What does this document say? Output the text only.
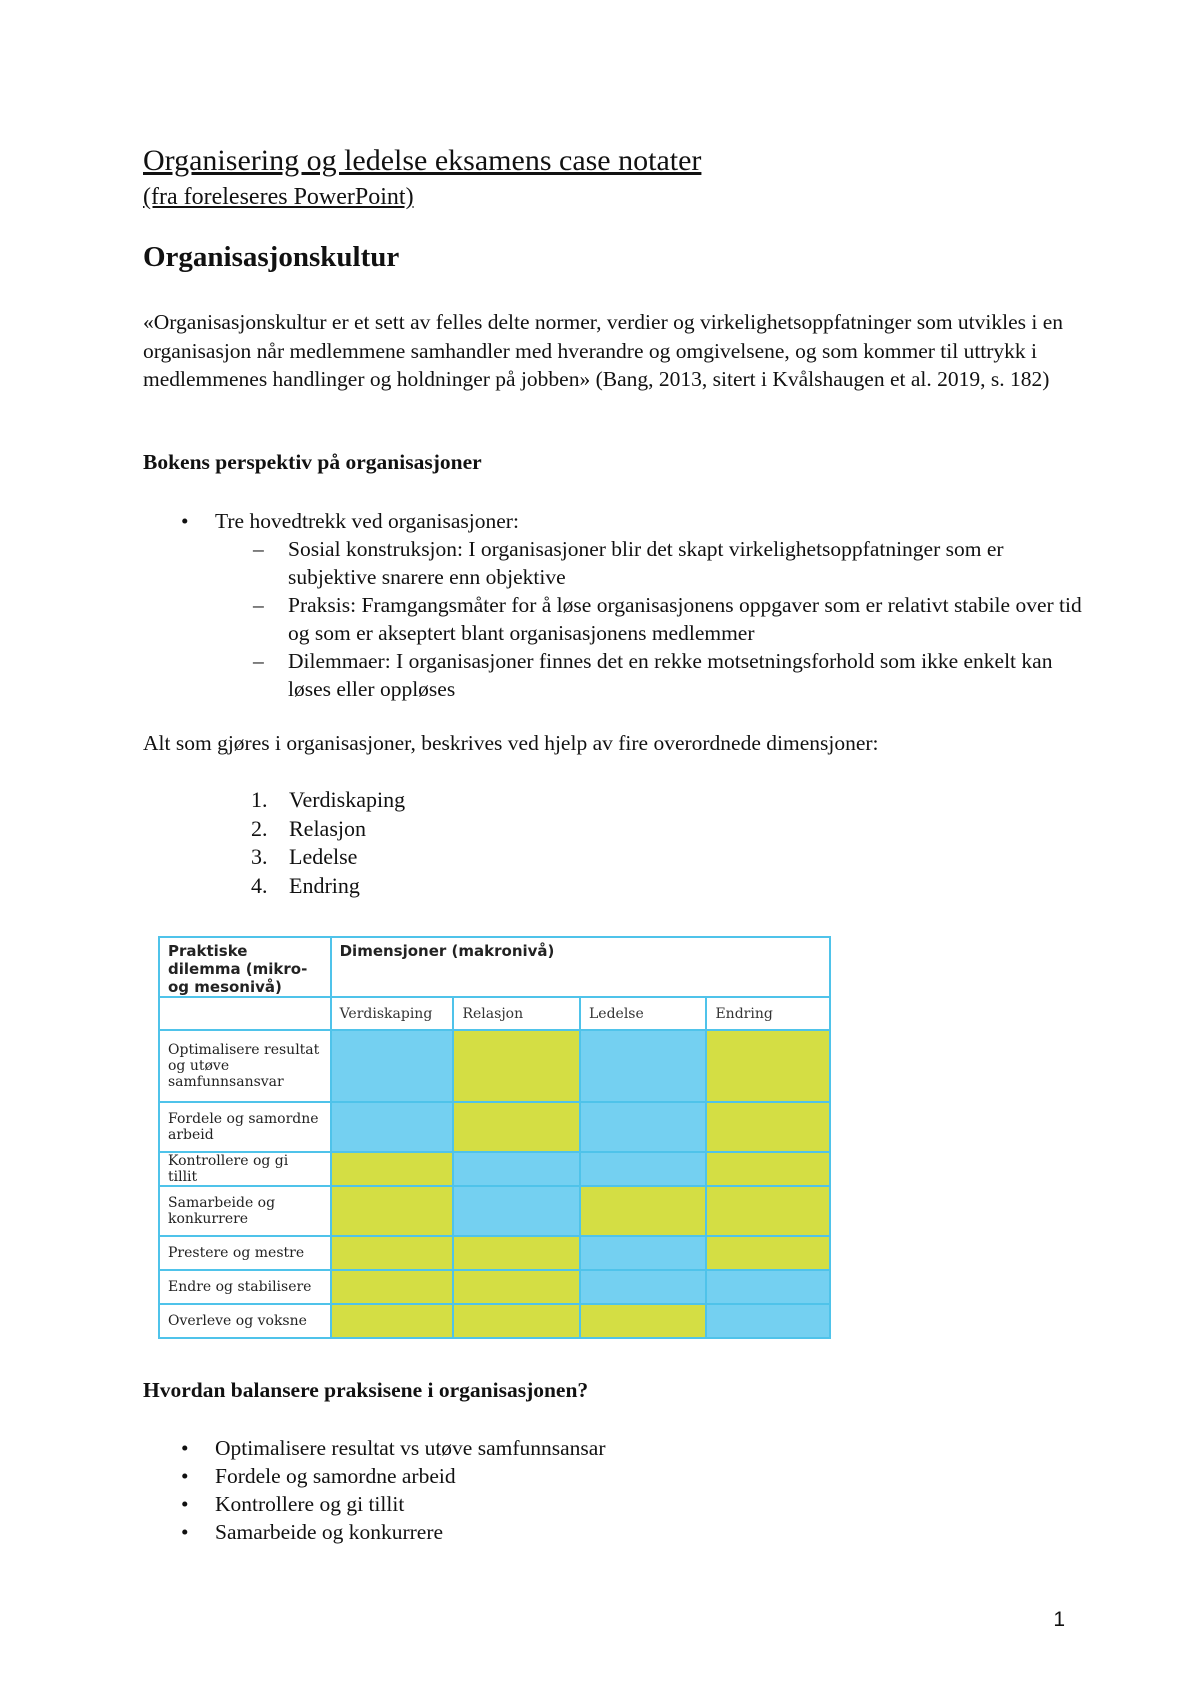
Organisering og ledelse eksamens case notater

(fra foreleseres PowerPoint)

Organisasjonskultur

«Organisasjonskultur er et sett av felles delte normer, verdier og virkelighetsoppfatninger som utvikles i en organisasjon når medlemmene samhandler med hverandre og omgivelsene, og som kommer til uttrykk i medlemmenes handlinger og holdninger på jobben» (Bang, 2013, sitert i Kvålshaugen et al. 2019, s. 182)

Bokens perspektiv på organisasjoner
• Tre hovedtrekk ved organisasjoner:
– Sosial konstruksjon: I organisasjoner blir det skapt virkelighetsoppfatninger som er subjektive snarere enn objektive
– Praksis: Framgangsmåter for å løse organisasjonens oppgaver som er relativt stabile over tid og som er akseptert blant organisasjonens medlemmer
– Dilemmaer: I organisasjoner finnes det en rekke motsetningsforhold som ikke enkelt kan løses eller oppløses

Alt som gjøres i organisasjoner, beskrives ved hjelp av fire overordnede dimensjoner:

1. Verdiskaping
2. Relasjon
3. Ledelse
4. Endring
Praktiske dilemma (mikro- og mesonivå)	Dimensjoner (makronivå)			
	Verdiskaping	Relasjon	Ledelse	Endring
Optimalisere resultat og utøve samfunnsansvar				
Fordele og samordne arbeid				
Kontrollere og gi tillit				
Samarbeide og konkurrere				
Prestere og mestre				
Endre og stabilisere				
Overleve og voksne				
Hvordan balansere praksisene i organisasjonen?
• Optimalisere resultat vs utøve samfunnsansar
• Fordele og samordne arbeid
• Kontrollere og gi tillit
• Samarbeide og konkurrere

1
